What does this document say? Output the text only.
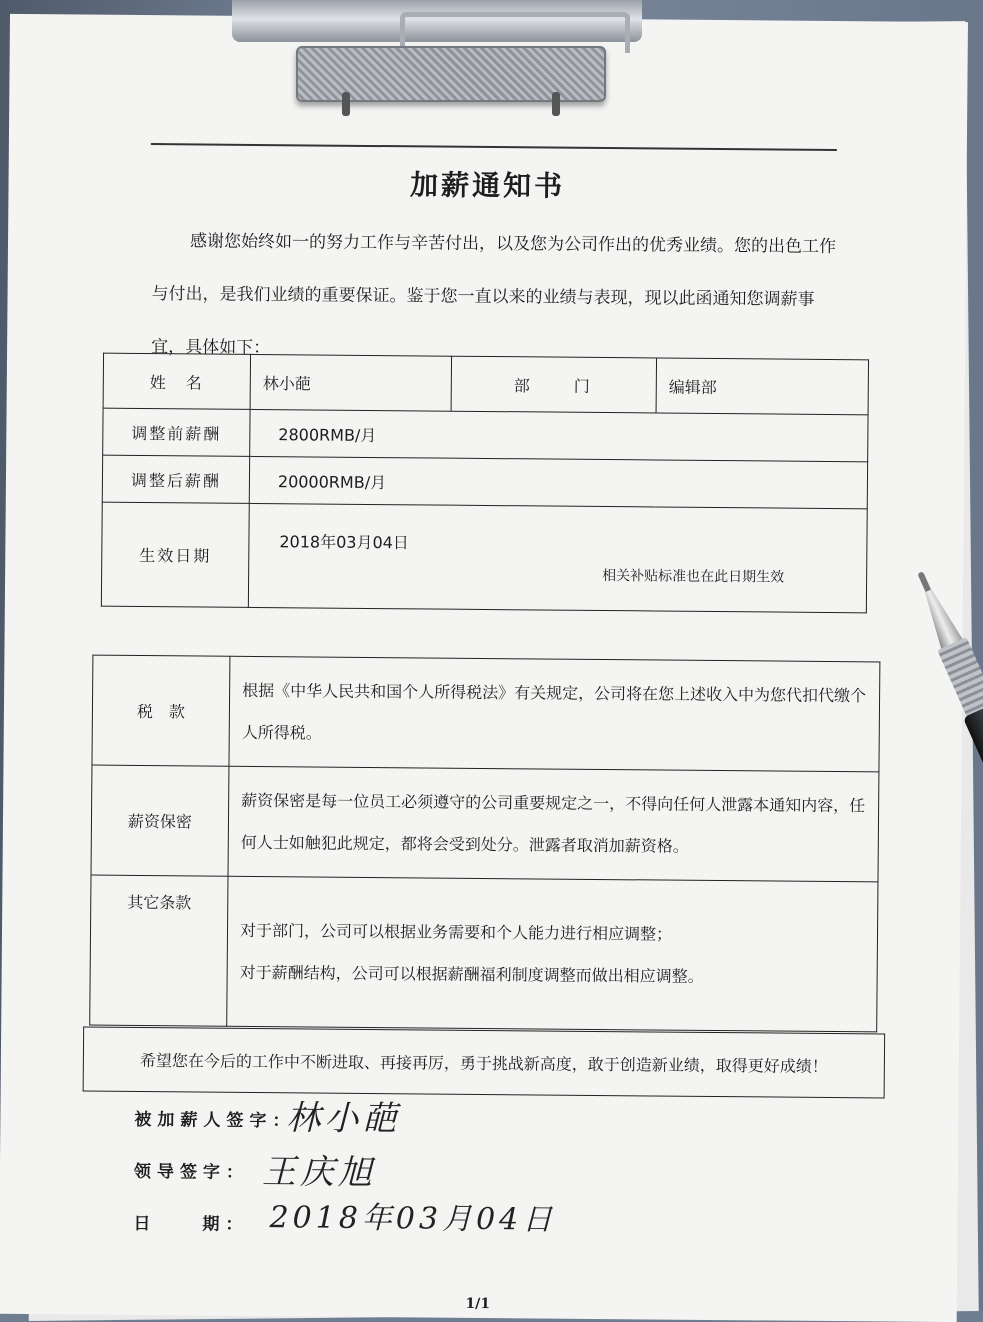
加薪通知书
感谢您始终如一的努力工作与辛苦付出，以及您为公司作出的优秀业绩。您的出色工作与付出，是我们业绩的重要保证。鉴于您一直以来的业绩与表现，现以此函通知您调薪事宜，具体如下：
姓　名	林小葩	部　　门	编辑部
调整前薪酬	2800RMB/月		
调整后薪酬	20000RMB/月		
生效日期	2018年03月04日
相关补贴标准也在此日期生效		
税　款	根据《中华人民共和国个人所得税法》有关规定，公司将在您上述收入中为您代扣代缴个人所得税。
薪资保密	薪资保密是每一位员工必须遵守的公司重要规定之一，不得向任何人泄露本通知内容，任何人士如触犯此规定，都将会受到处分。泄露者取消加薪资格。
其它条款	对于部门，公司可以根据业务需要和个人能力进行相应调整；
对于薪酬结构，公司可以根据薪酬福利制度调整而做出相应调整。
希望您在今后的工作中不断进取、再接再厉，勇于挑战新高度，敢于创造新业绩，取得更好成绩！
被加薪人签字：
林小葩
领导签字： 王庆旭
日　　期： 2018年03月04日
1/1
